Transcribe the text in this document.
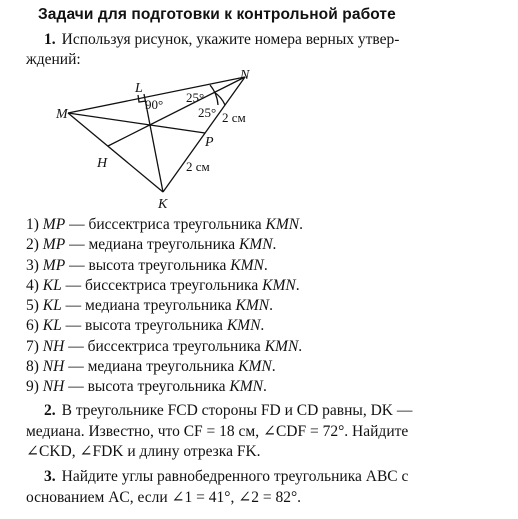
Задачи для подготовки к контрольной работе
1. Используя рисунок, укажите номера верных утвер-
ждений:
M
L
N
H
P
K
90° 25°
25° 2 см
2 см
1) MP — биссектриса треугольника KMN.
2) MP — медиана треугольника KMN.
3) MP — высота треугольника KMN.
4) KL — биссектриса треугольника KMN.
5) KL — медиана треугольника KMN.
6) KL — высота треугольника KMN.
7) NH — биссектриса треугольника KMN.
8) NH — медиана треугольника KMN.
9) NH — высота треугольника KMN.
2. В треугольнике FCD стороны FD и CD равны, DK —
медиана. Известно, что CF = 18 см, ∠CDF = 72°. Найдите
∠CKD, ∠FDK и длину отрезка FK.
3. Найдите углы равнобедренного треугольника ABC с
основанием AC, если ∠1 = 41°, ∠2 = 82°.
